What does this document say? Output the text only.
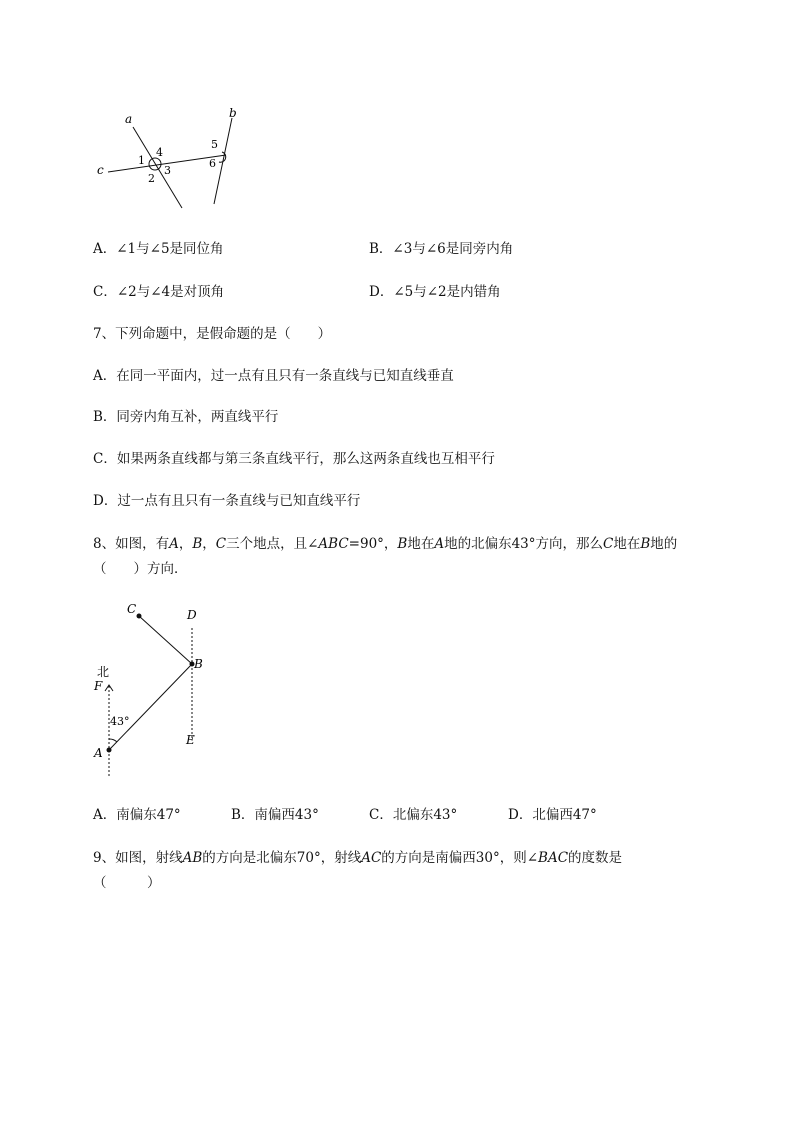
a	b
c
1
4
2
3
5
6
A．∠1与∠5是同位角	B．∠3与∠6是同旁内角
C．∠2与∠4是对顶角	D．∠5与∠2是内错角
7、下列命题中，是假命题的是（　　）
A．在同一平面内，过一点有且只有一条直线与已知直线垂直
B．同旁内角互补，两直线平行
C．如果两条直线都与第三条直线平行，那么这两条直线也互相平行
D．过一点有且只有一条直线与已知直线平行
8、如图，有A，B，C三个地点，且∠ABC=90°，B地在A地的北偏东43°方向，那么C地在B地的
（　　）方向．
C	D
B
北
F
43°
E
A
A．南偏东47°	B．南偏西43°	C．北偏东43°	D．北偏西47°
9、如图，射线AB的方向是北偏东70°，射线AC的方向是南偏西30°，则∠BAC的度数是
（　　　）
